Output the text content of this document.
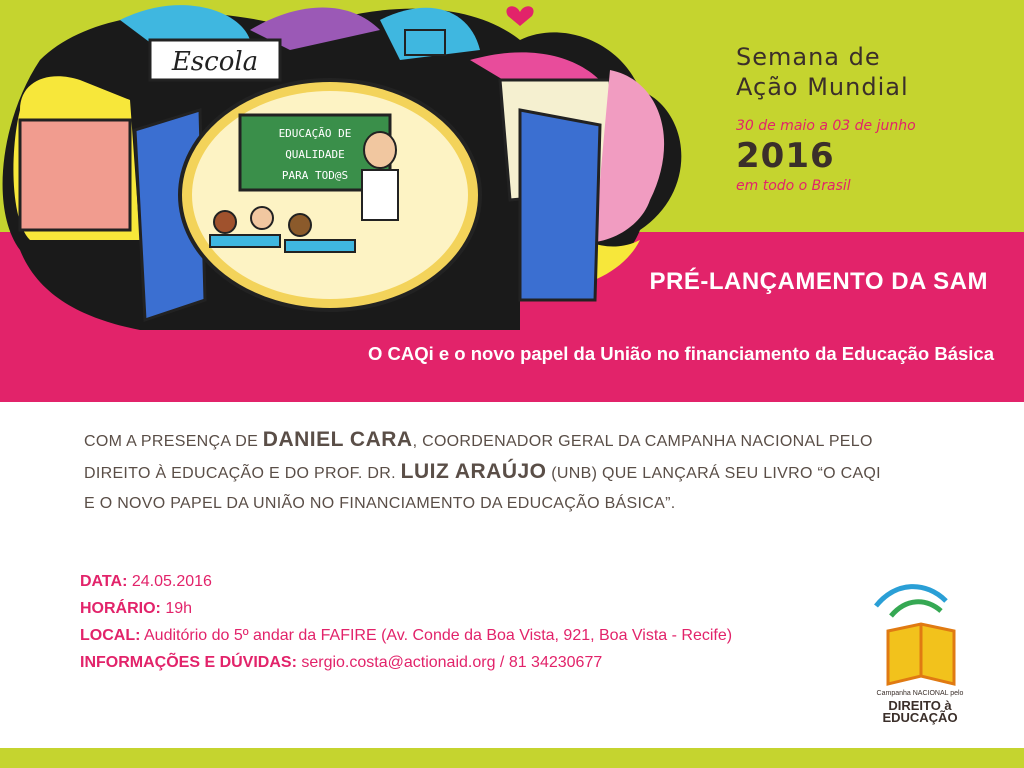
Escola
EDUCAÇÃO DE
QUALIDADE
PARA TOD@S
Semana de
Ação Mundial
30 de maio a 03 de junho
2016
em todo o Brasil
PRÉ-LANÇAMENTO DA SAM
O CAQi e o novo papel da União no financiamento da Educação Básica
COM A PRESENÇA DE DANIEL CARA, COORDENADOR GERAL DA CAMPANHA NACIONAL PELO DIREITO À EDUCAÇÃO E DO PROF. DR. LUIZ ARAÚJO (UNB) QUE LANÇARÁ SEU LIVRO “O CAQI E O NOVO PAPEL DA UNIÃO NO FINANCIAMENTO DA EDUCAÇÃO BÁSICA”.
DATA: 24.05.2016
HORÁRIO: 19h
LOCAL: Auditório do 5º andar da FAFIRE (Av. Conde da Boa Vista, 921, Boa Vista - Recife)
INFORMAÇÕES E DÚVIDAS: sergio.costa@actionaid.org / 81 34230677
Campanha NACIONAL pelo
DIREITO à
EDUCAÇÃO
